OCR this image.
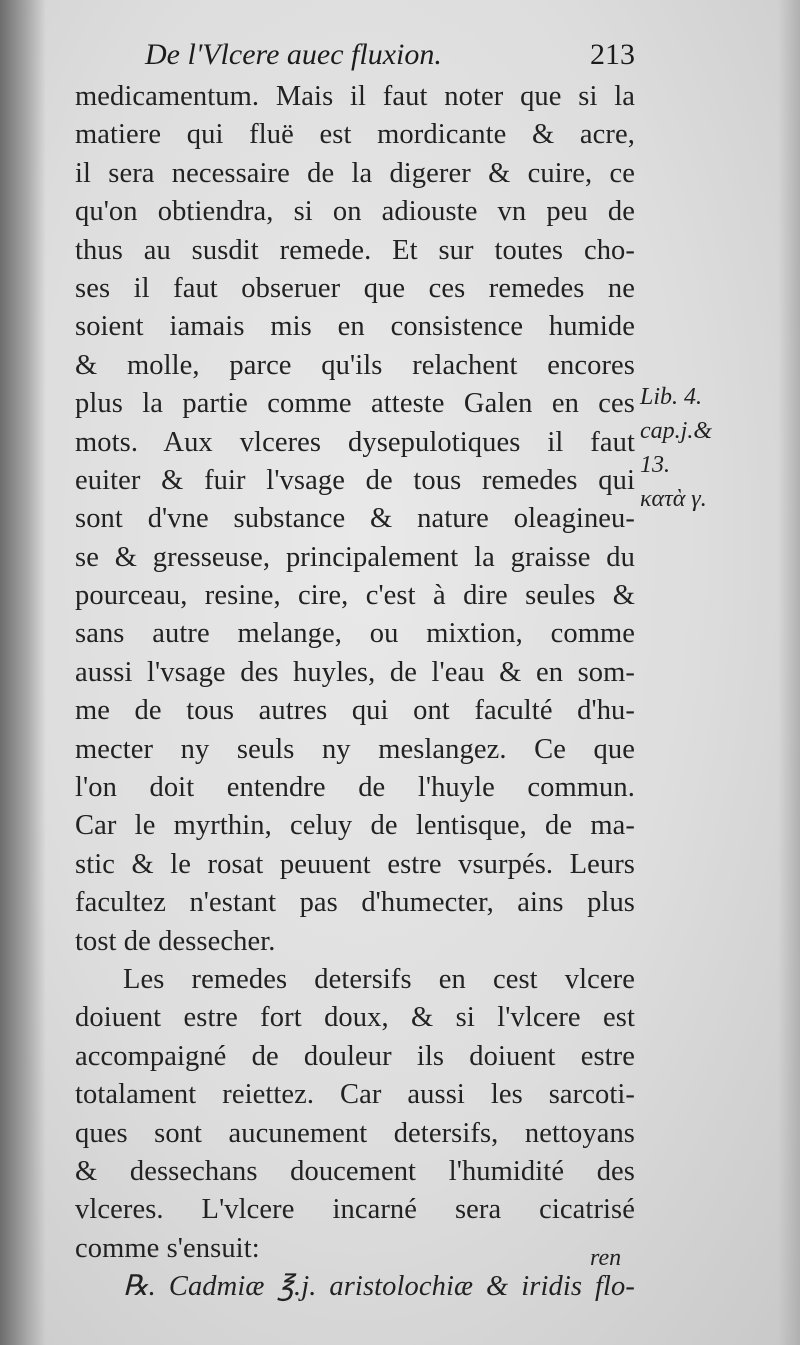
De l'Vlcere auec fluxion.	213
medicamentum. Mais il faut noter que si la
matiere qui fluë est mordicante & acre,
il sera necessaire de la digerer & cuire, ce
qu'on obtiendra, si on adiouste vn peu de
thus au susdit remede. Et sur toutes cho-
ses il faut obseruer que ces remedes ne
soient iamais mis en consistence humide
& molle, parce qu'ils relachent encores
plus la partie comme atteste Galen en ces
mots. Aux vlceres dysepulotiques il faut
euiter & fuir l'vsage de tous remedes qui
sont d'vne substance & nature oleagineu-
se & gresseuse, principalement la graisse du
pourceau, resine, cire, c'est à dire seules &
sans autre melange, ou mixtion, comme
aussi l'vsage des huyles, de l'eau & en som-
me de tous autres qui ont faculté d'hu-
mecter ny seuls ny meslangez. Ce que
l'on doit entendre de l'huyle commun.
Car le myrthin, celuy de lentisque, de ma-
stic & le rosat peuuent estre vsurpés. Leurs
facultez n'estant pas d'humecter, ains plus
tost de dessecher.
Les remedes detersifs en cest vlcere
doiuent estre fort doux, & si l'vlcere est
accompaigné de douleur ils doiuent estre
totalament reiettez. Car aussi les sarcoti-
ques sont aucunement detersifs, nettoyans
& dessechans doucement l'humidité des
vlceres. L'vlcere incarné sera cicatrisé
comme s'ensuit:
℞. Cadmiæ ℥.j. aristolochiæ & iridis flo-
Lib. 4.
cap.j.&
13.
κατὰ γ.
ren
